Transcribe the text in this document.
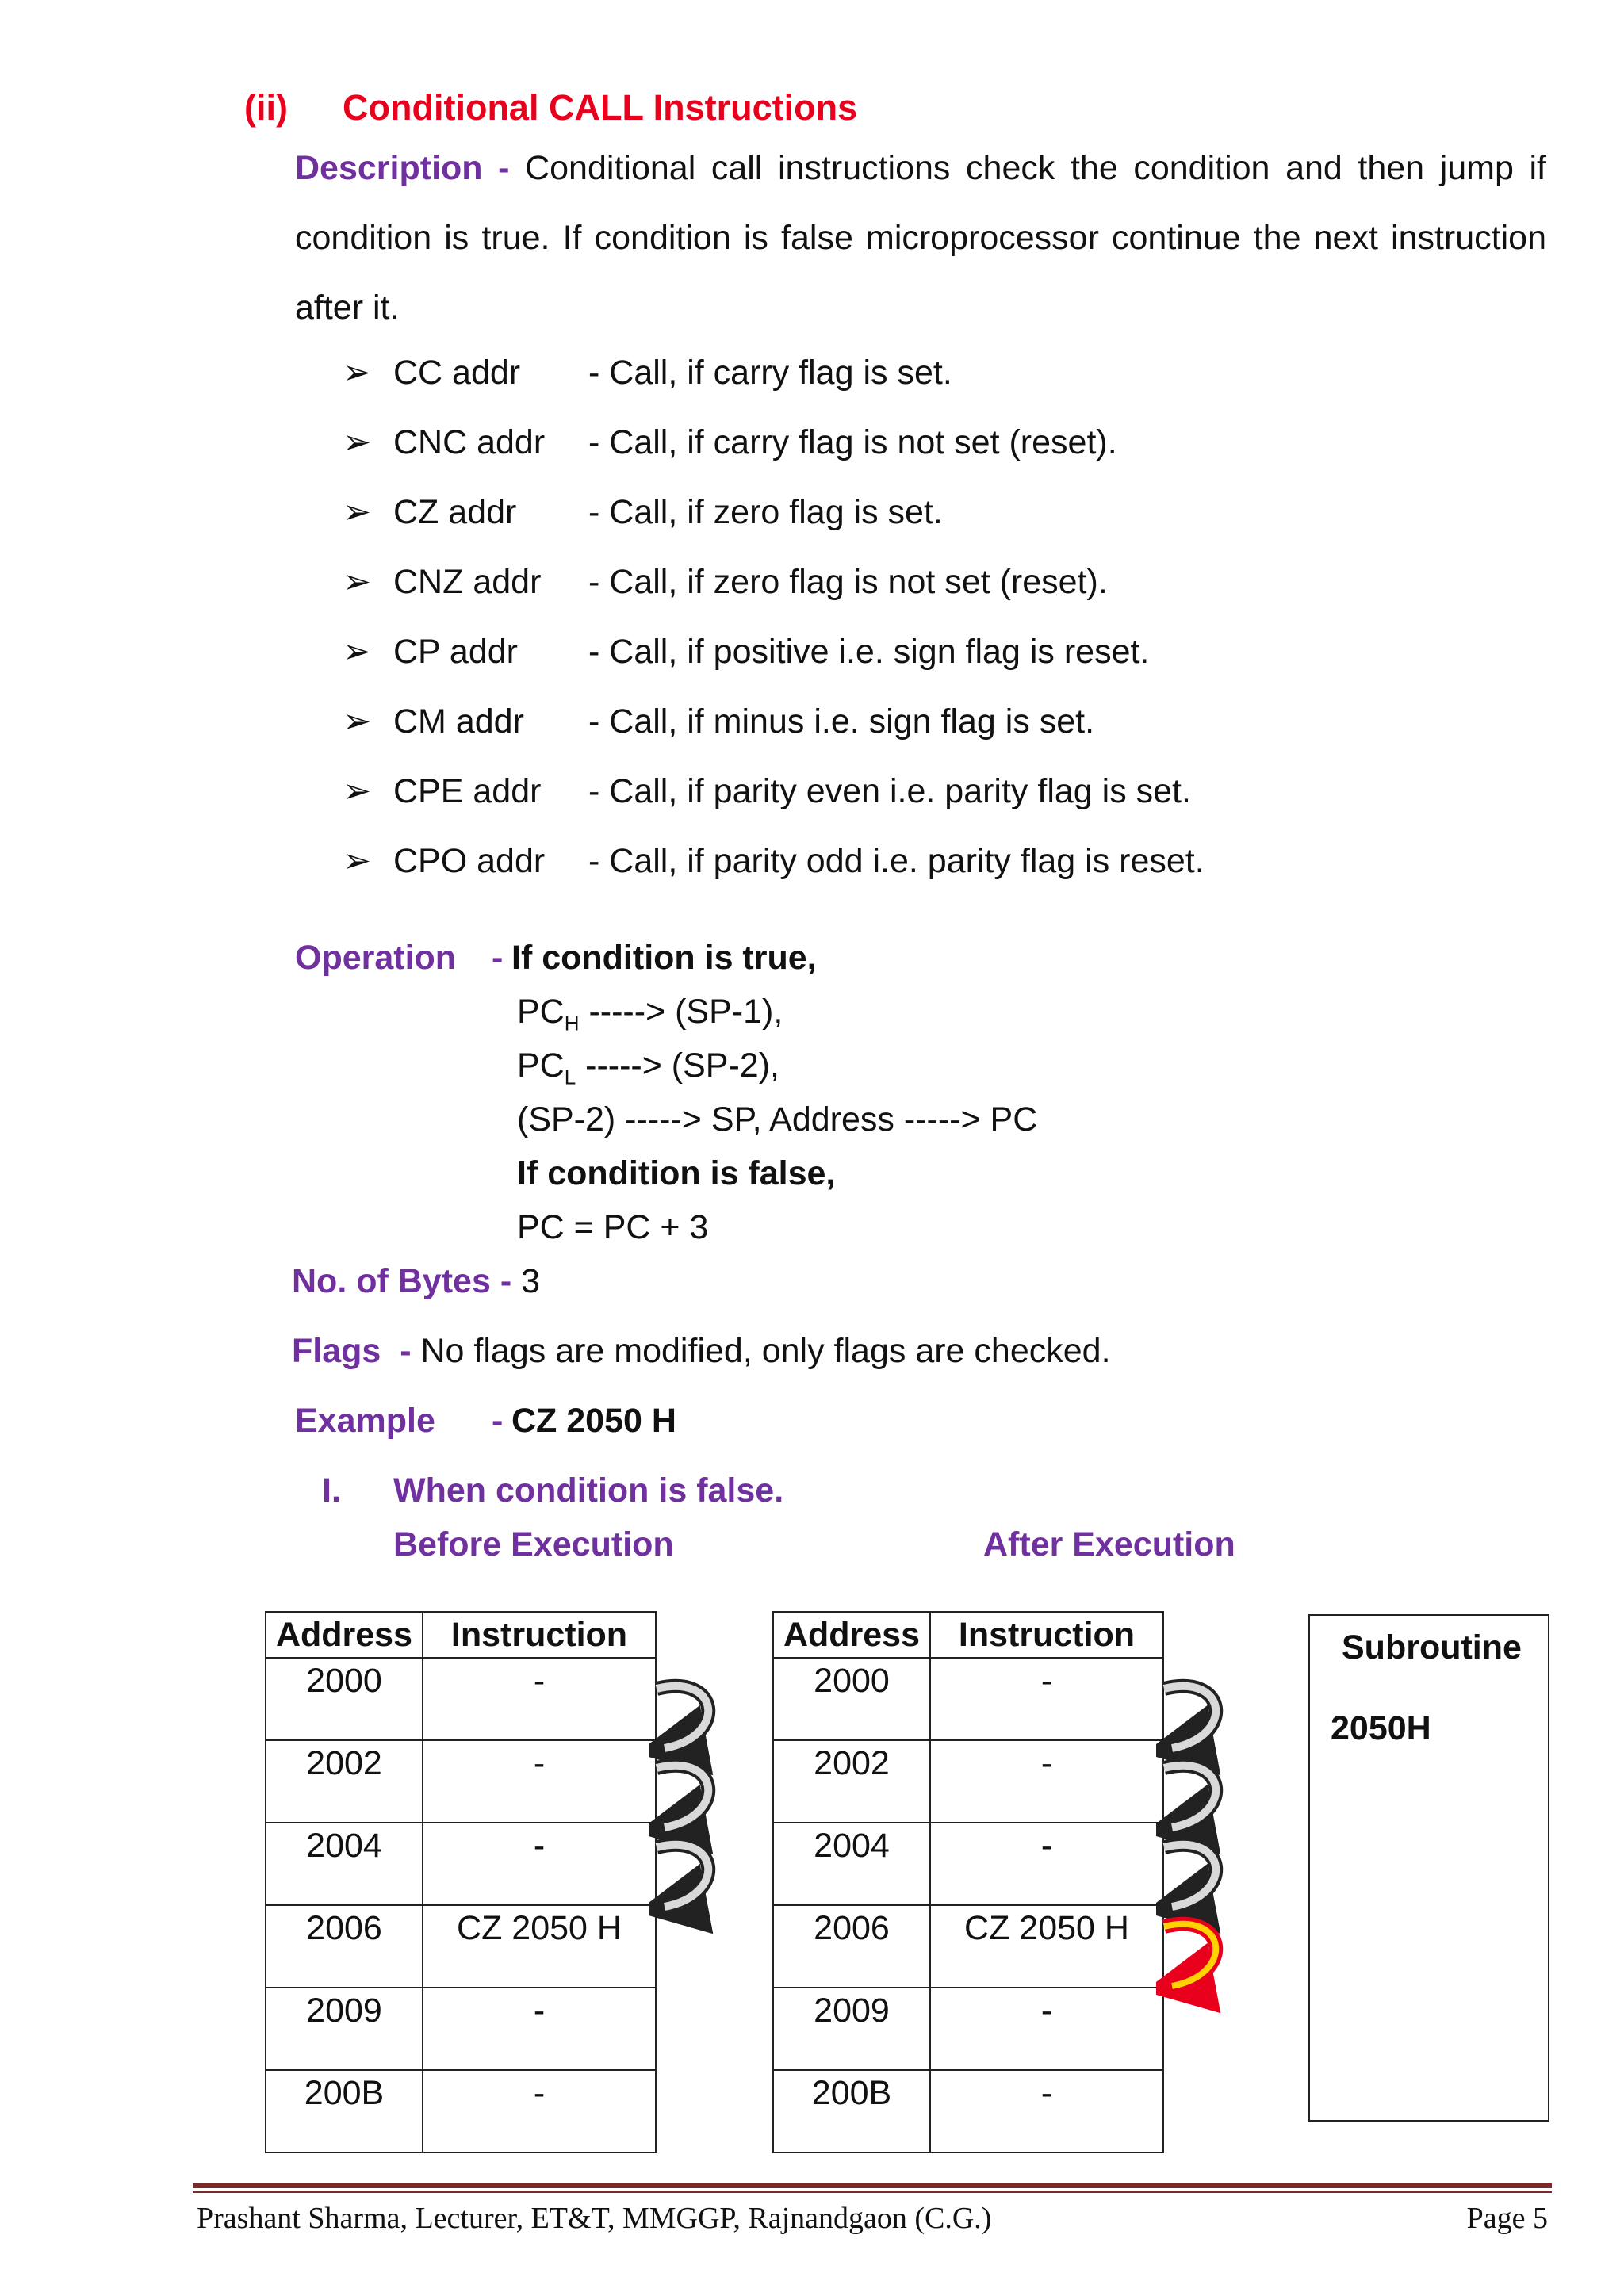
(ii) Conditional CALL Instructions
Description - Conditional call instructions check the condition and then jump if condition is true. If condition is false microprocessor continue the next instruction after it.
➢ CC addr - Call, if carry flag is set.
➢ CNC addr - Call, if carry flag is not set (reset).
➢ CZ addr - Call, if zero flag is set.
➢ CNZ addr - Call, if zero flag is not set (reset).
➢ CP addr - Call, if positive i.e. sign flag is reset.
➢ CM addr - Call, if minus i.e. sign flag is set.
➢ CPE addr - Call, if parity even i.e. parity flag is set.
➢ CPO addr - Call, if parity odd i.e. parity flag is reset.
Operation - If condition is true,
$PC_H$ -----> (SP-1),
$PC_L$ -----> (SP-2),
(SP-2) -----> SP, Address -----> PC
If condition is false,
PC = PC + 3
No. of Bytes - 3
Flags - No flags are modified, only flags are checked.
Example - CZ 2050 H
I. When condition is false.
Before Execution	After Execution
Address	Instruction
2000	-
2002	-
2004	-
2006	CZ 2050 H
2009	-
200B	-
Address	Instruction
2000	-
2002	-
2004	-
2006	CZ 2050 H
2009	-
200B	-
Subroutine
2050H
Prashant Sharma, Lecturer, ET&T, MMGGP, Rajnandgaon (C.G.)	Page 5
